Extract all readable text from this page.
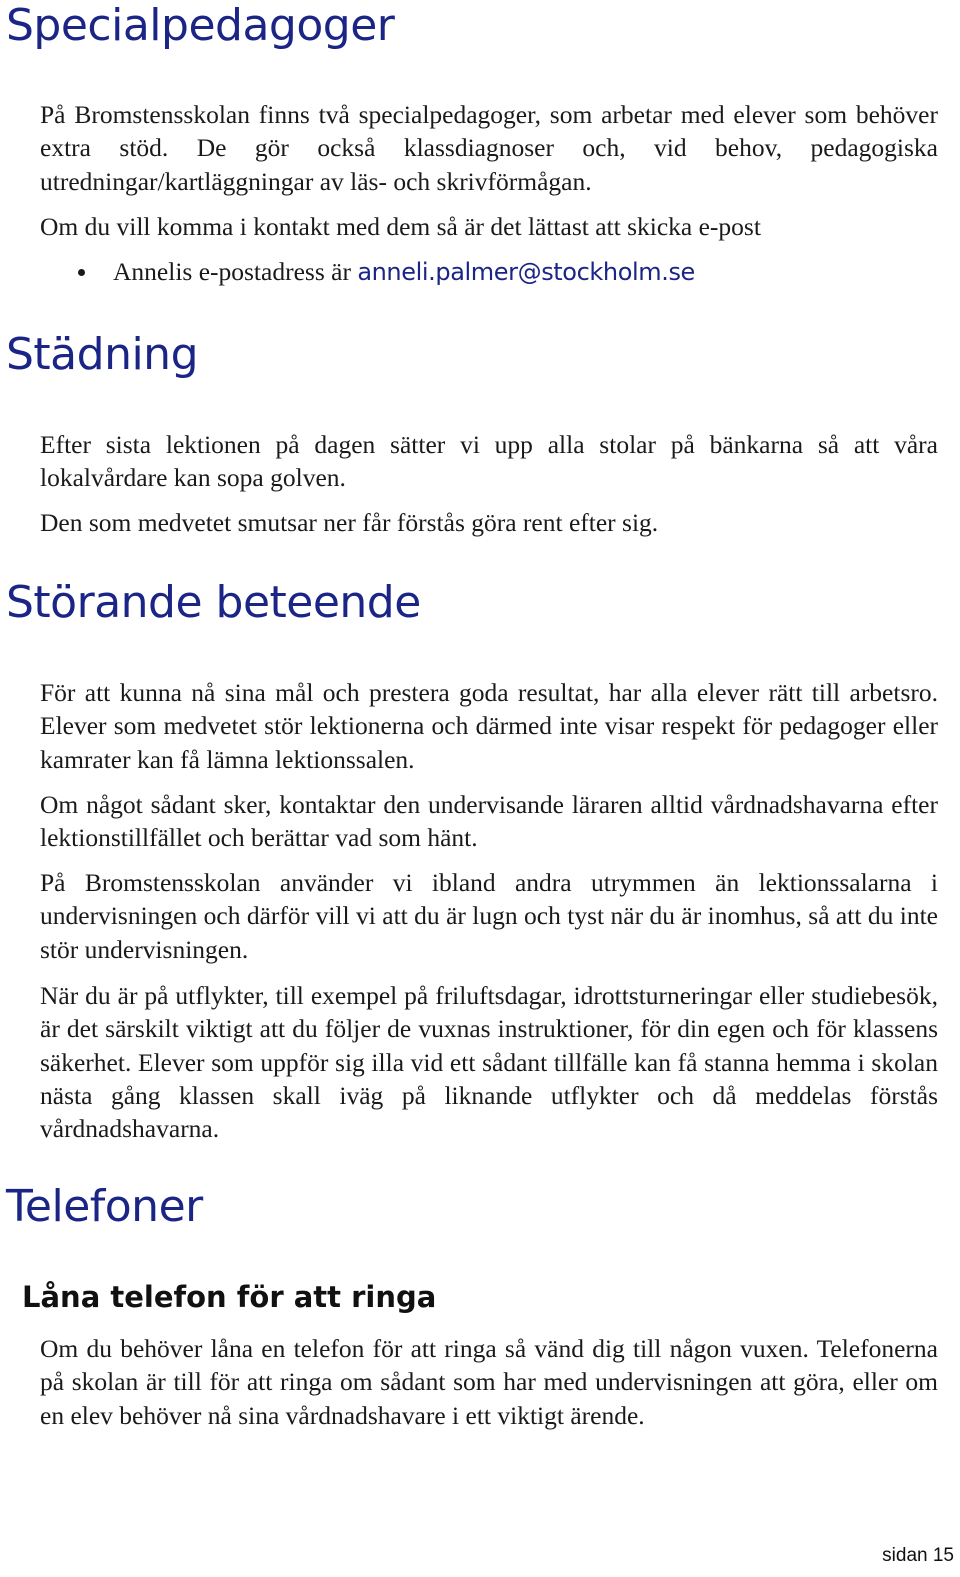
Specialpedagoger

På Bromstensskolan finns två specialpedagoger, som arbetar med elever som behöver extra stöd. De gör också klassdiagnoser och, vid behov, pedagogiska utredningar/kartläggningar av läs- och skrivförmågan.

Om du vill komma i kontakt med dem så är det lättast att skicka e-post

Annelis e-postadress är
anneli.palmer@stockholm.se
Städning

Efter sista lektionen på dagen sätter vi upp alla stolar på bänkarna så att våra lokalvårdare kan sopa golven.

Den som medvetet smutsar ner får förstås göra rent efter sig.

Störande beteende

För att kunna nå sina mål och prestera goda resultat, har alla elever rätt till arbetsro. Elever som medvetet stör lektionerna och därmed inte visar respekt för pedagoger eller kamrater kan få lämna lektionssalen.

Om något sådant sker, kontaktar den undervisande läraren alltid vårdnadshavarna efter lektionstillfället och berättar vad som hänt.

På Bromstensskolan använder vi ibland andra utrymmen än lektionssalarna i undervisningen och därför vill vi att du är lugn och tyst när du är inomhus, så att du inte stör undervisningen.

När du är på utflykter, till exempel på friluftsdagar, idrottsturneringar eller studiebesök, är det särskilt viktigt att du följer de vuxnas instruktioner, för din egen och för klassens säkerhet. Elever som uppför sig illa vid ett sådant tillfälle kan få stanna hemma i skolan nästa gång klassen skall iväg på liknande utflykter och då meddelas förstås vårdnadshavarna.

Telefoner
Låna telefon för att ringa

Om du behöver låna en telefon för att ringa så vänd dig till någon vuxen. Telefonerna på skolan är till för att ringa om sådant som har med undervisningen att göra, eller om en elev behöver nå sina vårdnadshavare i ett viktigt ärende.

sidan 15
